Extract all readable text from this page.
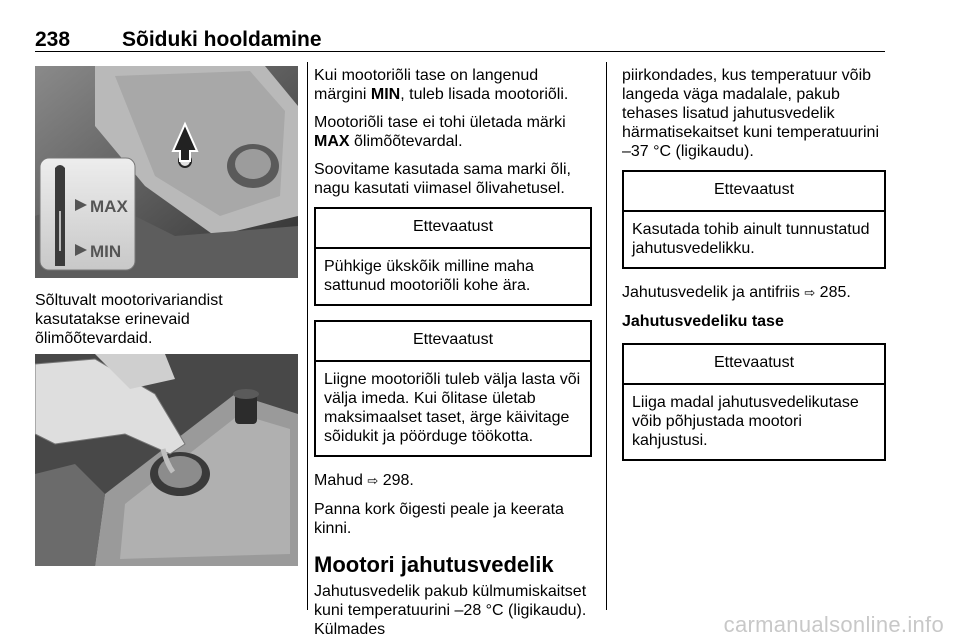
238 Sõiduki hooldamine
MAX
MIN

Sõltuvalt mootorivariandist kasutatakse erinevaid õlimõõtevardaid.

Kui mootoriõli tase on langenud märgini MIN, tuleb lisada mootoriõli.

Mootoriõli tase ei tohi ületada märki MAX õlimõõtevardal.

Soovitame kasutada sama marki õli, nagu kasutati viimasel õlivahetusel.

Ettevaatust
Pühkige ükskõik milline maha sattunud mootoriõli kohe ära.
Ettevaatust
Liigne mootoriõli tuleb välja lasta või välja imeda. Kui õlitase ületab maksimaalset taset, ärge käivitage sõidukit ja pöörduge töökotta.

Mahud ⇨ 298.

Panna kork õigesti peale ja keerata kinni.

Mootori jahutusvedelik

Jahutusvedelik pakub külmumiskaitset kuni temperatuurini –28 °C (ligikaudu). Külmades

piirkondades, kus temperatuur võib langeda väga madalale, pakub tehases lisatud jahutusvedelik härmatisekaitset kuni temperatuurini –37 °C (ligikaudu).

Ettevaatust
Kasutada tohib ainult tunnustatud jahutusvedelikku.

Jahutusvedelik ja antifriis ⇨ 285.

Jahutusvedeliku tase
Ettevaatust
Liiga madal jahutusvedelikutase võib põhjustada mootori kahjustusi.
carmanualsonline.info
